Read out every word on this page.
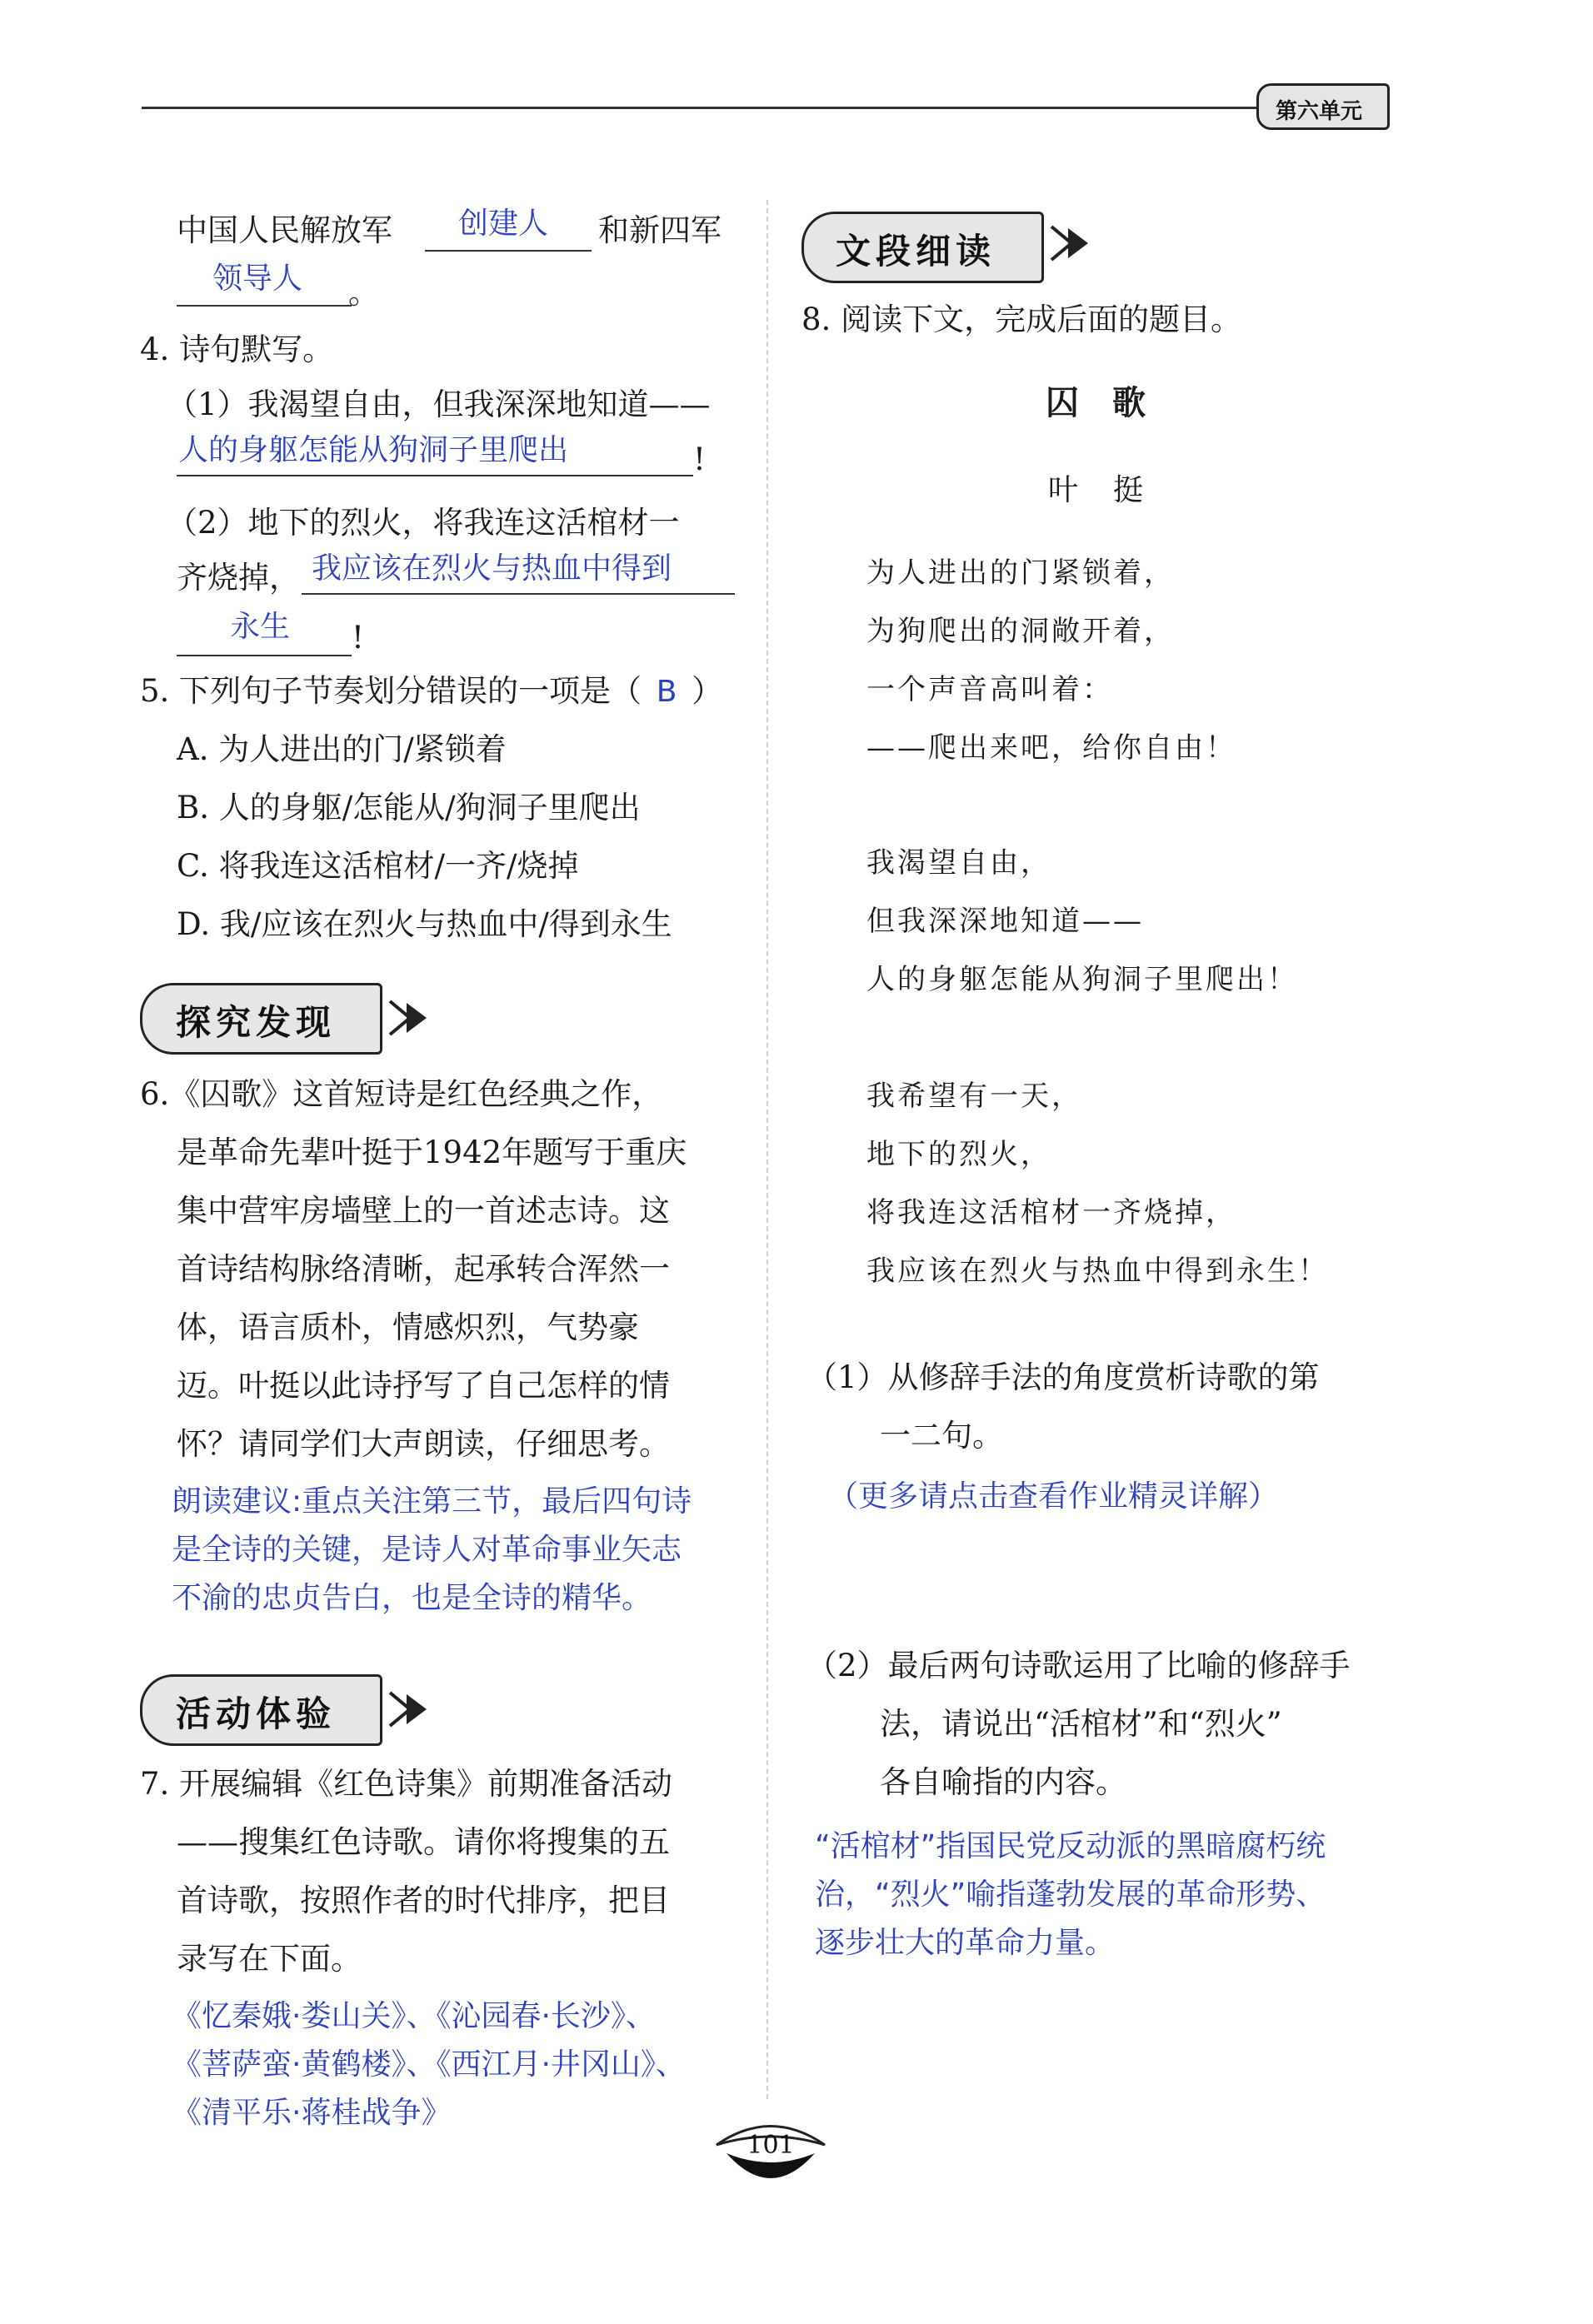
第六单元
中国人民解放军 创建人 和新四军
领导人 。
4. 诗句默写。
（1）我渴望自由，但我深深地知道——
人的身躯怎能从狗洞子里爬出	!
（2）地下的烈火，将我连这活棺材一
齐烧掉， 我应该在烈火与热血中得到
永生 !
5. 下列句子节奏划分错误的一项是（ B ）
A. 为人进出的门/紧锁着
B. 人的身躯/怎能从/狗洞子里爬出
C. 将我连这活棺材/一齐/烧掉
D. 我/应该在烈火与热血中/得到永生
探究发现
6.《囚歌》这首短诗是红色经典之作，
是革命先辈叶挺于1942年题写于重庆
集中营牢房墙壁上的一首述志诗。这
首诗结构脉络清晰，起承转合浑然一
体，语言质朴，情感炽烈，气势豪
迈。叶挺以此诗抒写了自己怎样的情
怀？请同学们大声朗读，仔细思考。
朗读建议:重点关注第三节，最后四句诗
是全诗的关键，是诗人对革命事业矢志
不渝的忠贞告白，也是全诗的精华。
活动体验
7. 开展编辑《红色诗集》前期准备活动
——搜集红色诗歌。请你将搜集的五
首诗歌，按照作者的时代排序，把目
录写在下面。
《忆秦娥·娄山关》、《沁园春·长沙》、
《菩萨蛮·黄鹤楼》、《西江月·井冈山》、
《清平乐·蒋桂战争》
文段细读
8. 阅读下文，完成后面的题目。
囚　歌
叶　挺
为人进出的门紧锁着，
为狗爬出的洞敞开着，
一个声音高叫着：
——爬出来吧，给你自由！
我渴望自由，
但我深深地知道——
人的身躯怎能从狗洞子里爬出！
我希望有一天，
地下的烈火，
将我连这活棺材一齐烧掉，
我应该在烈火与热血中得到永生！
（1）从修辞手法的角度赏析诗歌的第
一二句。
（更多请点击查看作业精灵详解）
（2）最后两句诗歌运用了比喻的修辞手
法，请说出“活棺材”和“烈火”
各自喻指的内容。
“活棺材”指国民党反动派的黑暗腐朽统
治，“烈火”喻指蓬勃发展的革命形势、
逐步壮大的革命力量。
101
